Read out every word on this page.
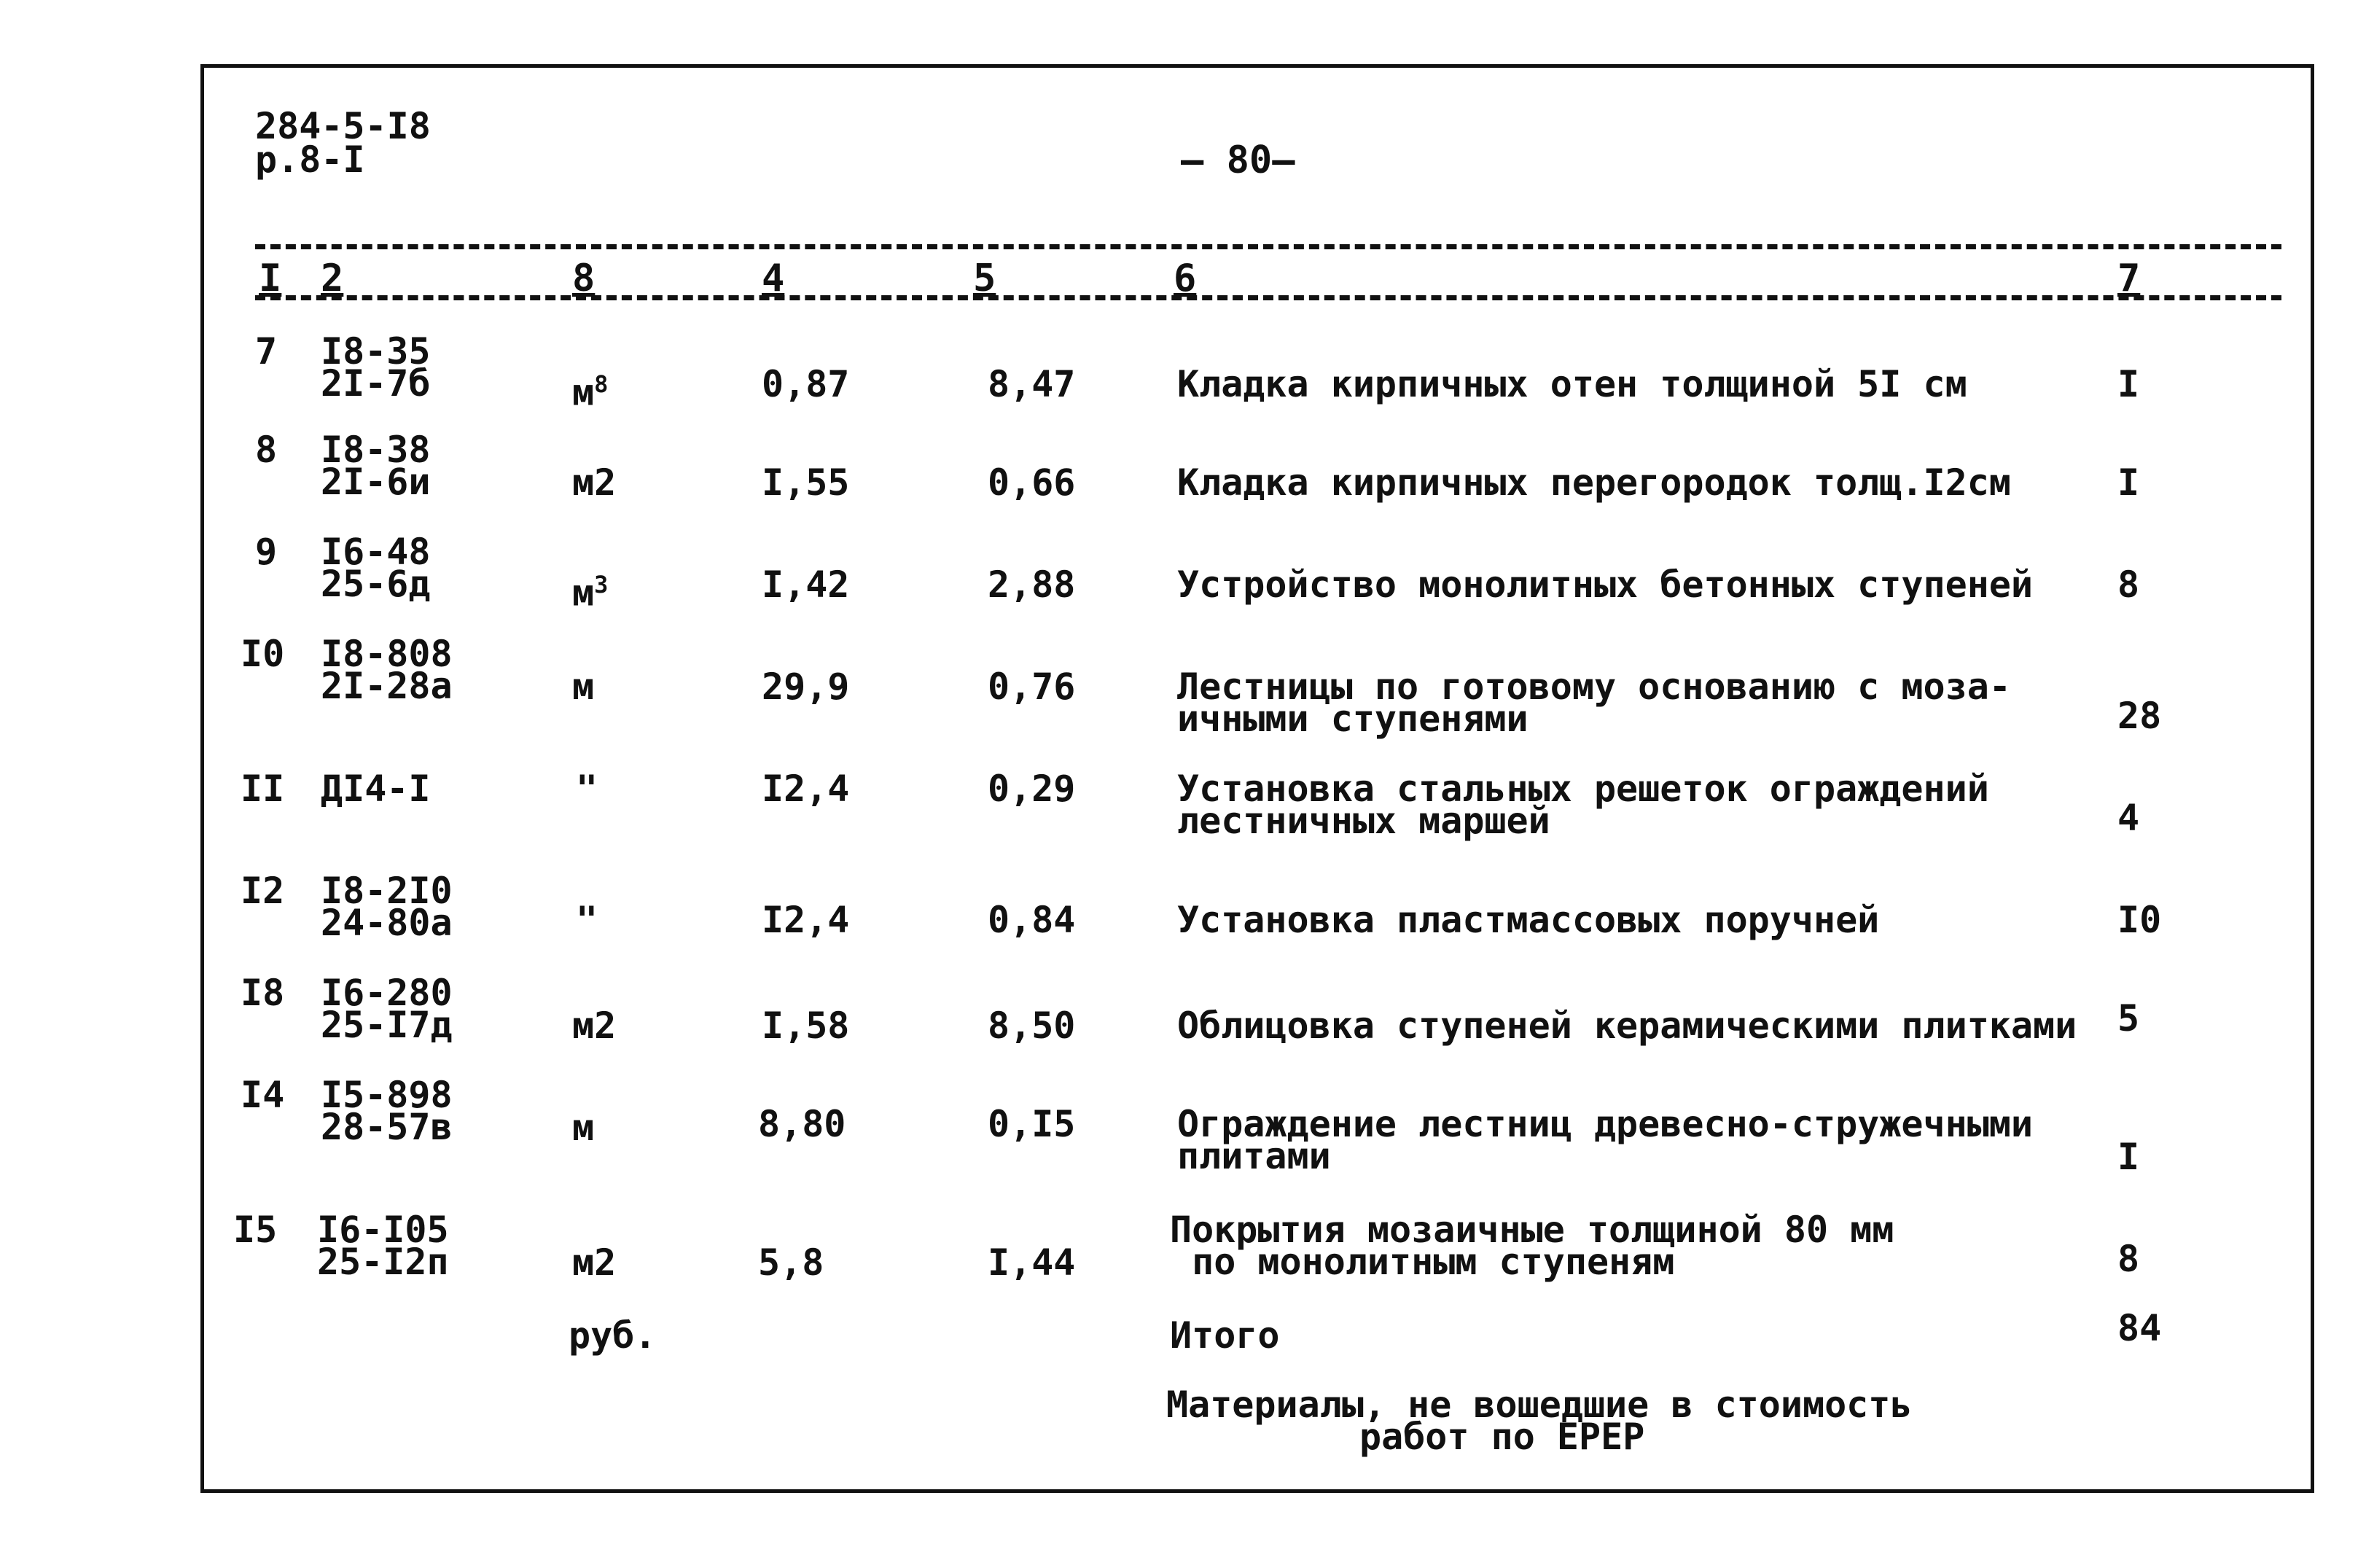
284-5-I8
р.8-I	— 80—
I 2	8	4	5	6	7
7 I8-35
2I-7б	$м^8$	0,87	8,47	Кладка кирпичных отен толщиной 5I см	I
8 I8-38
2I-6и	м2	I,55	0,66	Кладка кирпичных перегородок толщ.I2см	I
9 I6-48
25-6д	$м^3$	I,42	2,88	Устройство монолитных бетонных ступеней	8
I0 I8-808
2I-28а	м	29,9	0,76	Лестницы по готовому основанию с моза-
ичными ступенями	28
II ДI4-I	"	I2,4	0,29	Установка стальных решеток ограждений
лестничных маршей	4
I2 I8-2I0
24-80а	"	I2,4	0,84	Установка пластмассовых поручней	I0
I8 I6-280
25-I7д	м2	I,58	8,50	Облицовка ступеней керамическими плитками	5
I4 I5-898
28-57в	м	8,80	0,I5	Ограждение лестниц древесно-стружечными
плитами	I
I5 I6-I05
25-I2п	м2	5,8	I,44
Покрытия мозаичные толщиной 80 мм
по монолитным ступеням	8
руб.	Итого	84
Материалы, не вошедшие в стоимость
работ по ЕРЕР
